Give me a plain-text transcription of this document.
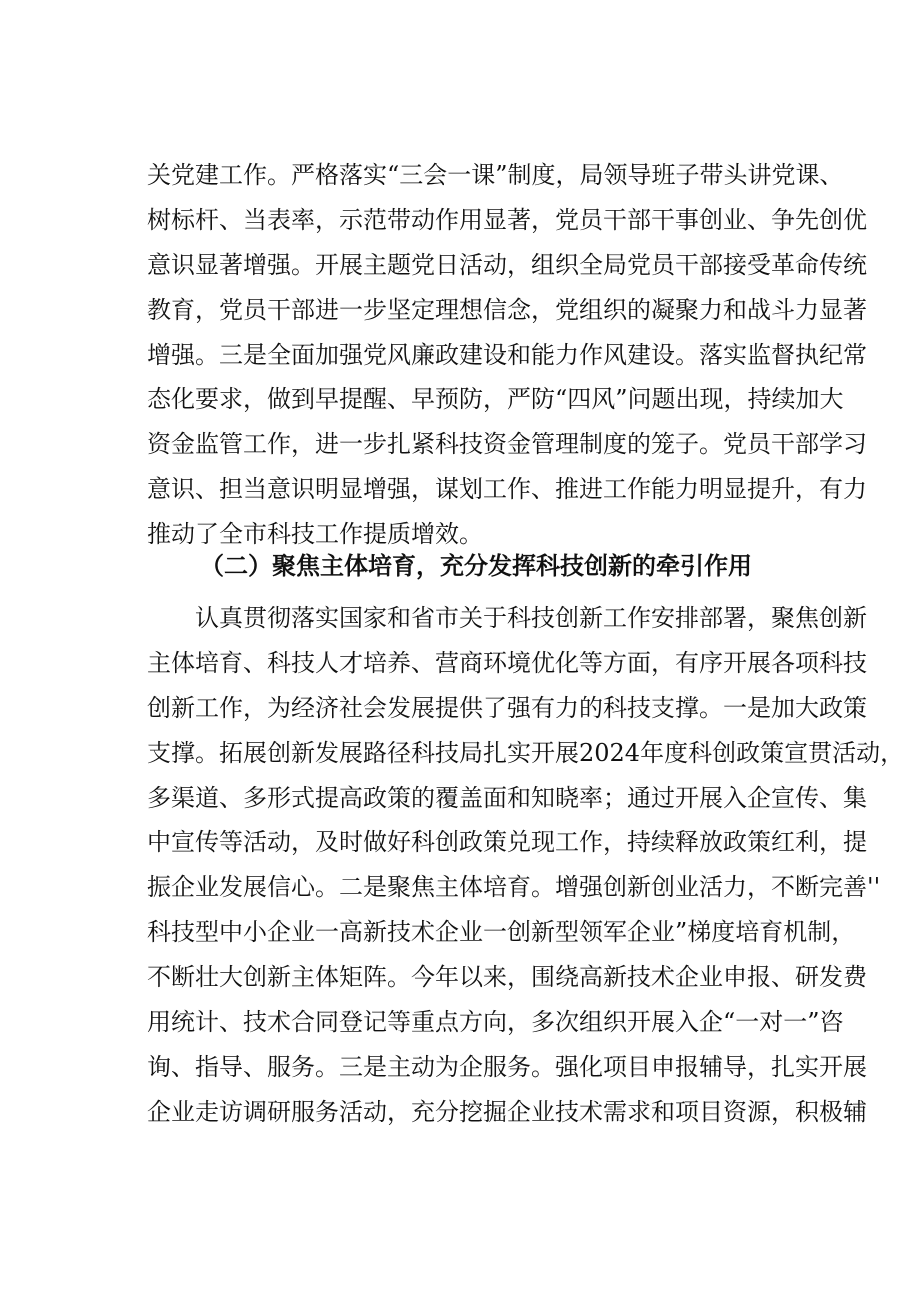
关党建工作。严格落实“三会一课”制度，局领导班子带头讲党课、
树标杆、当表率，示范带动作用显著，党员干部干事创业、争先创优
意识显著增强。开展主题党日活动，组织全局党员干部接受革命传统
教育，党员干部进一步坚定理想信念，党组织的凝聚力和战斗力显著
增强。三是全面加强党风廉政建设和能力作风建设。落实监督执纪常
态化要求，做到早提醒、早预防，严防“四风”问题出现，持续加大
资金监管工作，进一步扎紧科技资金管理制度的笼子。党员干部学习
意识、担当意识明显增强，谋划工作、推进工作能力明显提升，有力
推动了全市科技工作提质增效。
（二）聚焦主体培育，充分发挥科技创新的牵引作用
认真贯彻落实国家和省市关于科技创新工作安排部署，聚焦创新
主体培育、科技人才培养、营商环境优化等方面，有序开展各项科技
创新工作，为经济社会发展提供了强有力的科技支撑。一是加大政策
支撑。拓展创新发展路径科技局扎实开展2024年度科创政策宣贯活动，
多渠道、多形式提高政策的覆盖面和知晓率；通过开展入企宣传、集
中宣传等活动，及时做好科创政策兑现工作，持续释放政策红利，提
振企业发展信心。二是聚焦主体培育。增强创新创业活力，不断完善''
科技型中小企业一高新技术企业一创新型领军企业”梯度培育机制，
不断壮大创新主体矩阵。今年以来，围绕高新技术企业申报、研发费
用统计、技术合同登记等重点方向，多次组织开展入企“一对一”咨
询、指导、服务。三是主动为企服务。强化项目申报辅导，扎实开展
企业走访调研服务活动，充分挖掘企业技术需求和项目资源，积极辅
